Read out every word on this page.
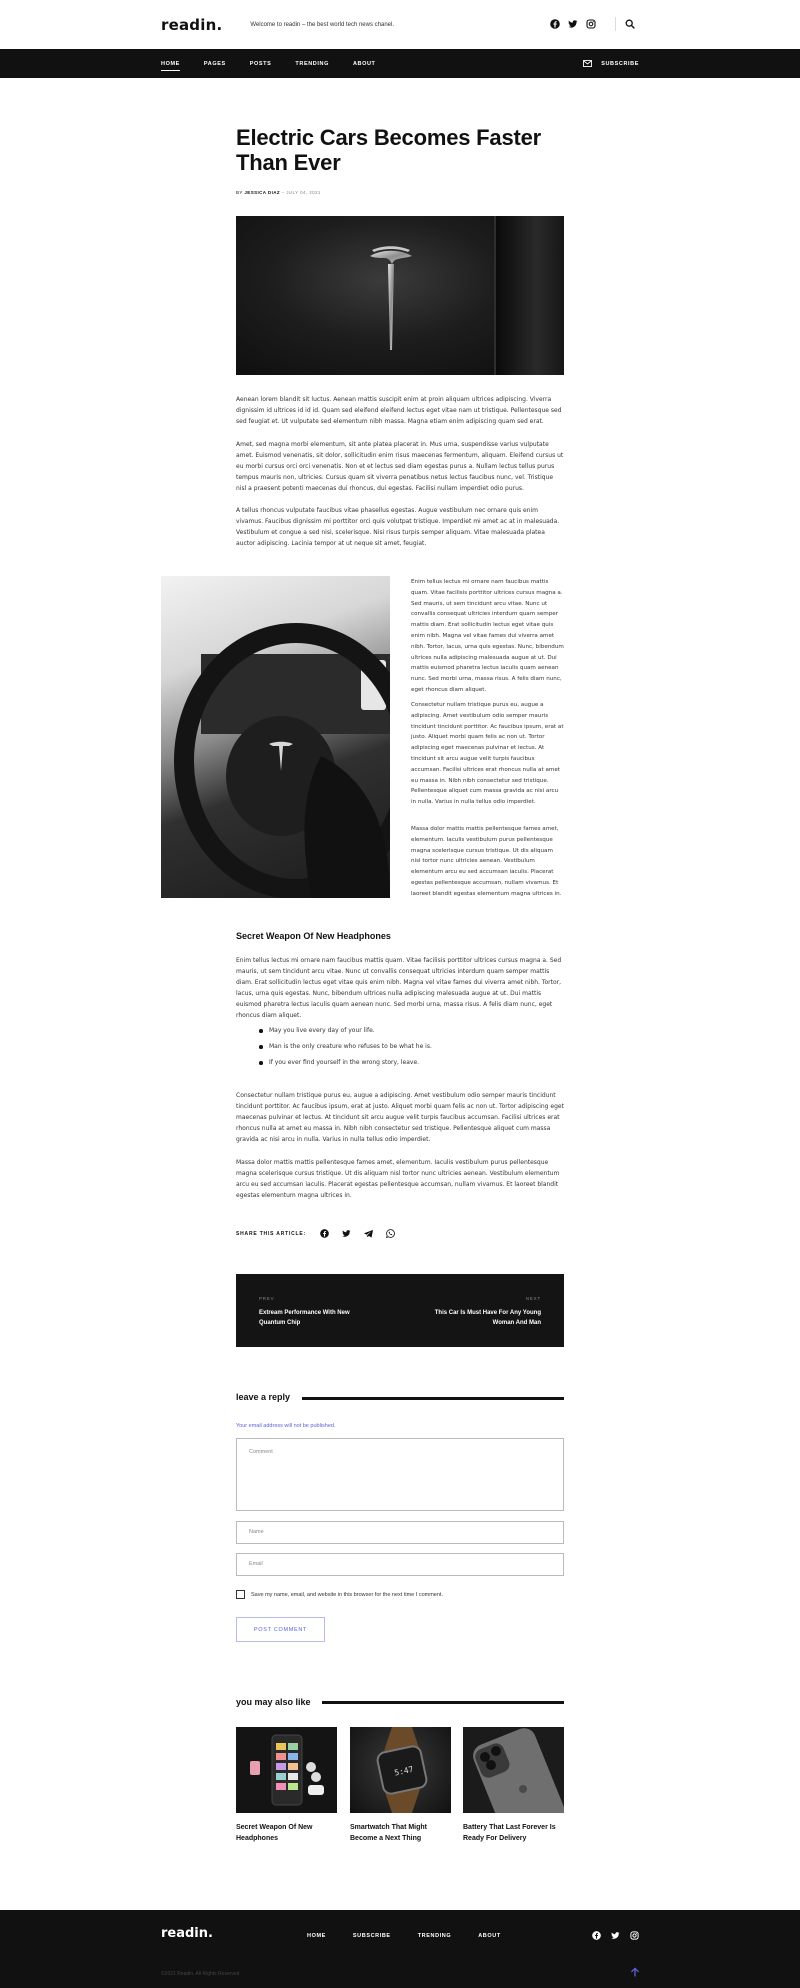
readin.	Welcome to readin – the best world tech news chanel.
HOME	PAGES	POSTS	TRENDING	ABOUT	SUBSCRIBE
Electric Cars Becomes Faster Than Ever
BY JESSICA DIAZ – JULY 04, 2021

Aenean lorem blandit sit luctus. Aenean mattis suscipit enim at proin aliquam ultrices adipiscing. Viverra dignissim id ultrices id id id. Quam sed eleifend eleifend lectus eget vitae nam ut tristique. Pellentesque sed sed feugiat et. Ut vulputate sed elementum nibh massa. Magna etiam enim adipiscing quam sed erat.

Amet, sed magna morbi elementum, sit ante platea placerat in. Mus urna, suspendisse varius vulputate amet. Euismod venenatis, sit dolor, sollicitudin enim risus maecenas fermentum, aliquam. Eleifend cursus ut eu morbi cursus orci orci venenatis. Non et et lectus sed diam egestas purus a. Nullam lectus tellus purus tempus mauris non, ultricies. Cursus quam sit viverra penatibus netus lectus faucibus nunc, vel. Tristique nisl a praesent potenti maecenas dui rhoncus, dui egestas. Facilisi nullam imperdiet odio purus.

A tellus rhoncus vulputate faucibus vitae phasellus egestas. Augue vestibulum nec ornare quis enim vivamus. Faucibus dignissim mi porttitor orci quis volutpat tristique. Imperdiet mi amet ac at in malesuada. Vestibulum et congue a sed nisi, scelerisque. Nisi risus turpis semper aliquam. Vitae malesuada platea auctor adipiscing. Lacinia tempor at ut neque sit amet, feugiat.

P

Enim tellus lectus mi ornare nam faucibus mattis quam. Vitae facilisis porttitor ultrices cursus magna a. Sed mauris, ut sem tincidunt arcu vitae. Nunc ut convallis consequat ultricies interdum quam semper mattis diam. Erat sollicitudin lectus eget vitae quis enim nibh. Magna vel vitae fames dui viverra amet nibh. Tortor, lacus, urna quis egestas. Nunc, bibendum ultrices nulla adipiscing malesuada augue at ut. Dui mattis euismod pharetra lectus iaculis quam aenean nunc. Sed morbi urna, massa risus. A felis diam nunc, eget rhoncus diam aliquet.

Consectetur nullam tristique purus eu, augue a adipiscing. Amet vestibulum odio semper mauris tincidunt tincidunt porttitor. Ac faucibus ipsum, erat at justo. Aliquet morbi quam felis ac non ut. Tortor adipiscing eget maecenas pulvinar et lectus. At tincidunt sit arcu augue velit turpis faucibus accumsan. Facilisi ultrices erat rhoncus nulla at amet eu massa in. Nibh nibh consectetur sed tristique. Pellentesque aliquet cum massa gravida ac nisi arcu in nulla. Varius in nulla tellus odio imperdiet.

Massa dolor mattis mattis pellentesque fames amet, elementum. Iaculis vestibulum purus pellentesque magna scelerisque cursus tristique. Ut dis aliquam nisl tortor nunc ultricies aenean. Vestibulum elementum arcu eu sed accumsan iaculis. Placerat egestas pellentesque accumsan, nullam vivamus. Et laoreet blandit egestas elementum magna ultrices in.

Secret Weapon Of New Headphones

Enim tellus lectus mi ornare nam faucibus mattis quam. Vitae facilisis porttitor ultrices cursus magna a. Sed mauris, ut sem tincidunt arcu vitae. Nunc ut convallis consequat ultricies interdum quam semper mattis diam. Erat sollicitudin lectus eget vitae quis enim nibh. Magna vel vitae fames dui viverra amet nibh. Tortor, lacus, urna quis egestas. Nunc, bibendum ultrices nulla adipiscing malesuada augue at ut. Dui mattis euismod pharetra lectus iaculis quam aenean nunc. Sed morbi urna, massa risus. A felis diam nunc, eget rhoncus diam aliquet.

May you live every day of your life.
Man is the only creature who refuses to be what he is.
If you ever find yourself in the wrong story, leave.

Consectetur nullam tristique purus eu, augue a adipiscing. Amet vestibulum odio semper mauris tincidunt tincidunt porttitor. Ac faucibus ipsum, erat at justo. Aliquet morbi quam felis ac non ut. Tortor adipiscing eget maecenas pulvinar et lectus. At tincidunt sit arcu augue velit turpis faucibus accumsan. Facilisi ultrices erat rhoncus nulla at amet eu massa in. Nibh nibh consectetur sed tristique. Pellentesque aliquet cum massa gravida ac nisi arcu in nulla. Varius in nulla tellus odio imperdiet.

Massa dolor mattis mattis pellentesque fames amet, elementum. Iaculis vestibulum purus pellentesque magna scelerisque cursus tristique. Ut dis aliquam nisl tortor nunc ultricies aenean. Vestibulum elementum arcu eu sed accumsan iaculis. Placerat egestas pellentesque accumsan, nullam vivamus. Et laoreet blandit egestas elementum magna ultrices in.

SHARE THIS ARTICLE:
PREV
Extream Performance With New Quantum Chip
NEXT
This Car Is Must Have For Any Young Woman And Man
leave a reply

Your email address will not be published.

Comment
Name
Email
Save my name, email, and website in this browser for the next time I comment.
POST COMMENT
you may also like
Secret Weapon Of New Headphones
5:47
Smartwatch That Might Become a Next Thing
Battery That Last Forever Is Ready For Delivery
readin.	HOME	SUBSCRIBE	TRENDING	ABOUT
©2021 Readin. All Rights Reserved
